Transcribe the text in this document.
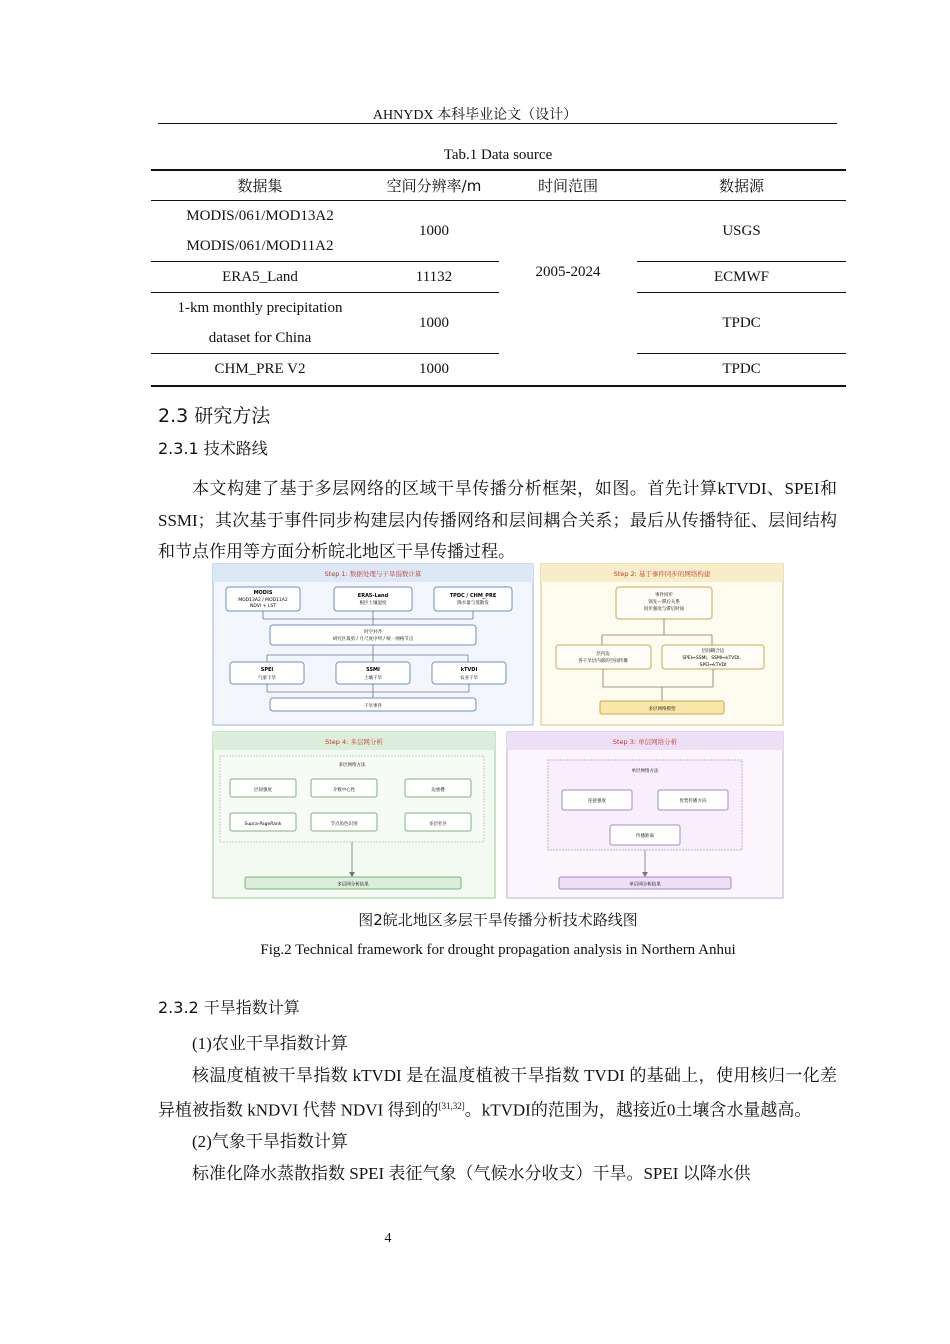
AHNYDX 本科毕业论文（设计）
Tab.1 Data source
数据集	空间分辨率/m	时间范围	数据源

MODIS/061/MOD13A2
MODIS/061/MOD11A2	1000	2005-2024	USGS
ERA5_Land	11132		ECMWF

1-km monthly precipitation
dataset for China	1000		TPDC
CHM_PRE V2	1000		TPDC
2.3 研究方法
2.3.1 技术路线

本文构建了基于多层网络的区域干旱传播分析框架，如图。首先计算kTVDI、SPEI和SSMI；其次基于事件同步构建层内传播网络和层间耦合关系；最后从传播特征、层间结构和节点作用等方面分析皖北地区干旱传播过程。

Step 1: 数据处理与干旱指数计算
MODIS
MOD13A2 / MOD11A2
NDVI + LST
ERA5-Land
根区土壤湿度
TPDC / CHM_PRE
降水量与蒸散发
时空对齐
研究区裁剪 / 月尺度序列 / 统一网格节点
SPEI
气象干旱
SSMI
土壤干旱
kTVDI
农业干旱
干旱事件
Step 2: 基于事件同步的网络构建
事件同步
领先—滞后关系
同步强度与滞后时间
层内边
各干旱层内部的空间传播
层间耦合边
SPEI↔SSMI、SSMI↔kTVDI、
SPEI↔kTVDI
多层网络模型
Step 4: 多层网分析
多层网络方法
层间强度	介数中心性	边重叠
Supra-PageRank	节点角色识别	多层社区
多层网分析结果
Step 3: 单层网络分析
单层网络方法
连接强度	优势传播方向
传播距离
单层网分析结果
图2皖北地区多层干旱传播分析技术路线图
Fig.2 Technical framework for drought propagation analysis in Northern Anhui
2.3.2 干旱指数计算

(1)农业干旱指数计算

核温度植被干旱指数 kTVDI 是在温度植被干旱指数 TVDI 的基础上，使用核归一化差异植被指数 kNDVI 代替 NDVI 得到的[31,32]。kTVDI的范围为，越接近0土壤含水量越高。

(2)气象干旱指数计算

标准化降水蒸散指数 SPEI 表征气象（气候水分收支）干旱。SPEI 以降水供

4
